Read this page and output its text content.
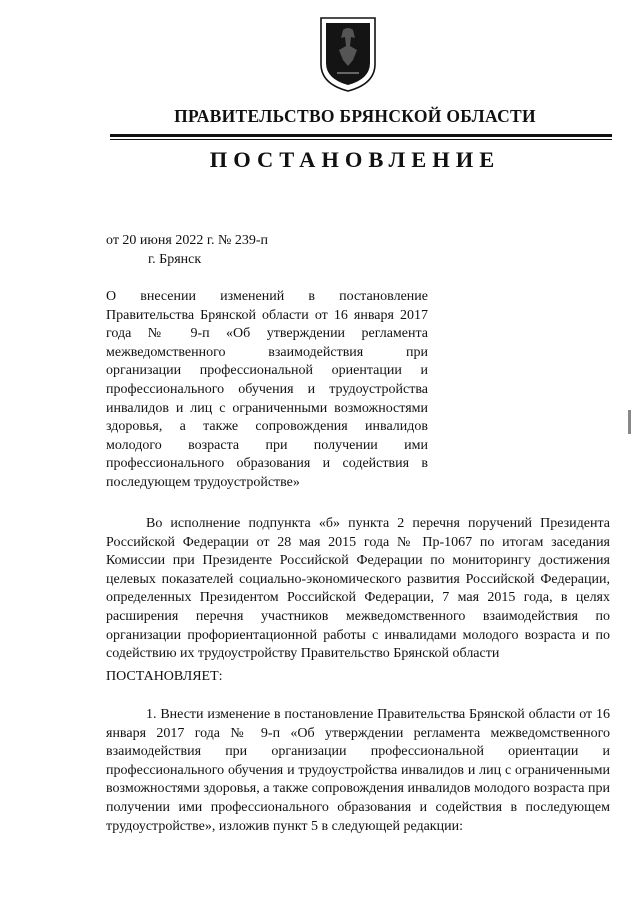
ПРАВИТЕЛЬСТВО БРЯНСКОЙ ОБЛАСТИ
ПОСТАНОВЛЕНИЕ
от 20 июня 2022 г. № 239-п
г. Брянск
О внесении изменений в постановление Правительства Брянской области от 16 января 2017 года № 9-п «Об утверждении регламента межведомственного взаимодействия при организации профессиональной ориентации и профессионального обучения и трудоустройства инвалидов и лиц с ограниченными возможностями здоровья, а также сопровождения инвалидов молодого возраста при получении ими профессионального образования и содействия в последующем трудоустройстве»
Во исполнение подпункта «б» пункта 2 перечня поручений Президента Российской Федерации от 28 мая 2015 года № Пр-1067 по итогам заседания Комиссии при Президенте Российской Федерации по мониторингу достижения целевых показателей социально-экономического развития Российской Федерации, определенных Президентом Российской Федерации, 7 мая 2015 года, в целях расширения перечня участников межведомственного взаимодействия по организации профориентационной работы с инвалидами молодого возраста и по содействию их трудоустройству Правительство Брянской области
ПОСТАНОВЛЯЕТ:
1. Внести изменение в постановление Правительства Брянской области от 16 января 2017 года № 9-п «Об утверждении регламента межведомственного взаимодействия при организации профессиональной ориентации и профессионального обучения и трудоустройства инвалидов и лиц с ограниченными возможностями здоровья, а также сопровождения инвалидов молодого возраста при получении ими профессионального образования и содействия в последующем трудоустройстве», изложив пункт 5 в следующей редакции:
